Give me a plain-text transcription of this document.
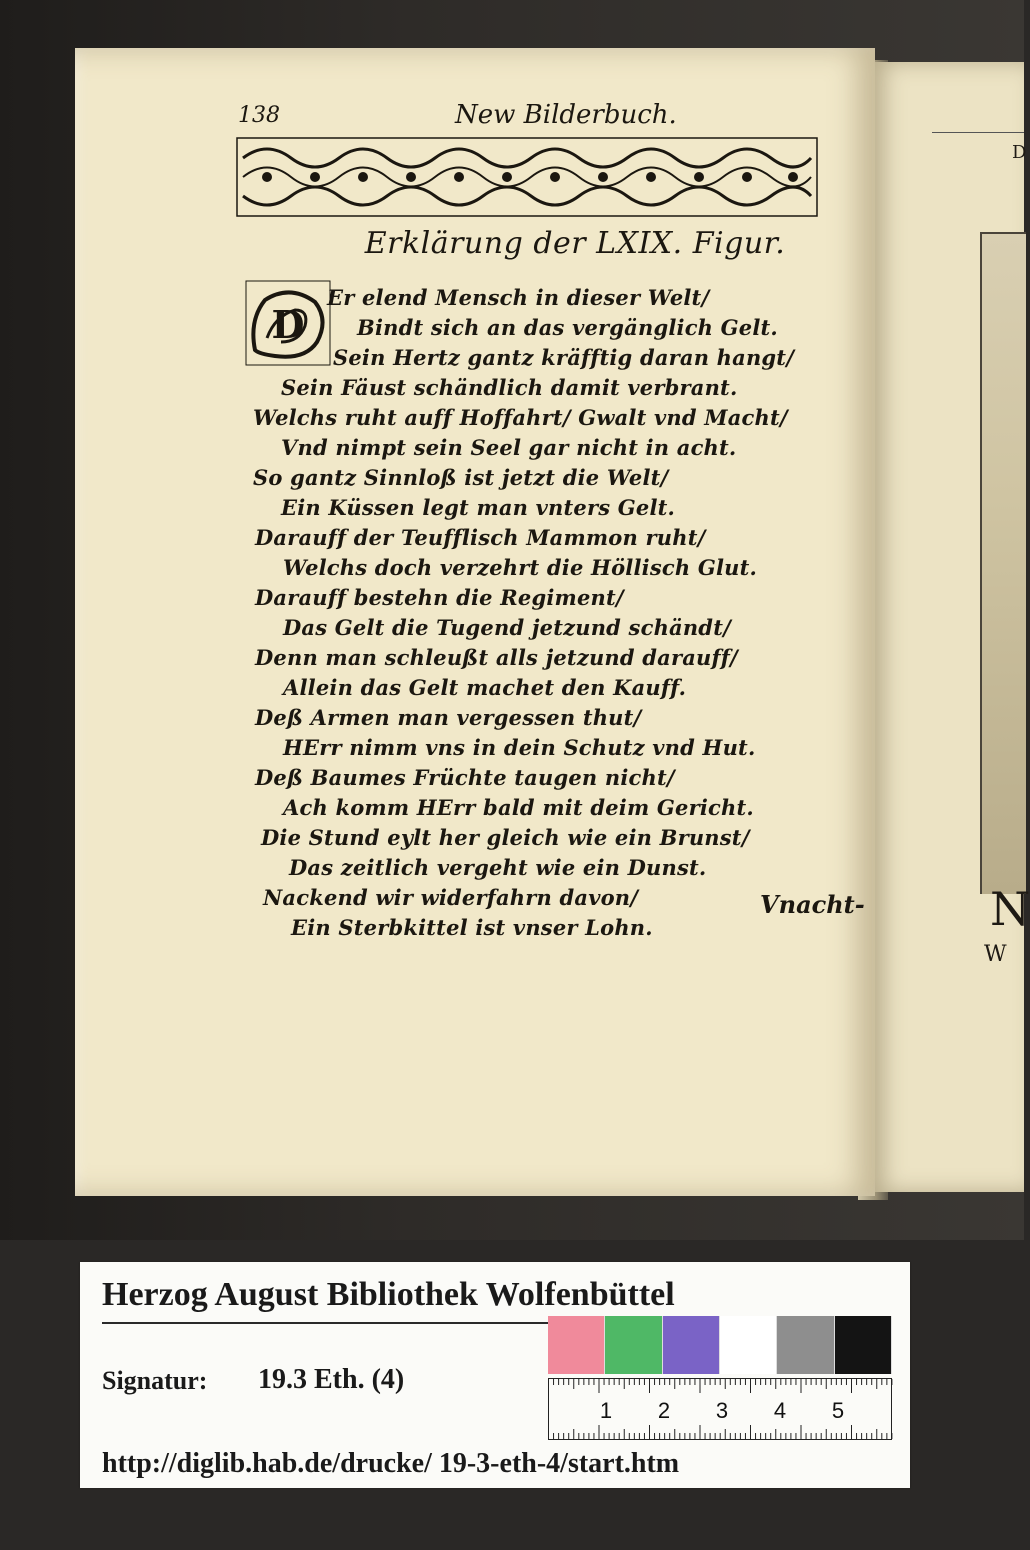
D
N
W
138	New Bilderbuch.
Erklärung der LXIX. Figur.
D
Er elend Mensch in dieser Welt/
Bindt sich an das vergänglich Gelt.
Sein Hertz gantz kräfftig daran hangt/
Sein Fäust schändlich damit verbrant.
Welchs ruht auff Hoffahrt/ Gwalt vnd Macht/
Vnd nimpt sein Seel gar nicht in acht.
So gantz Sinnloß ist jetzt die Welt/
Ein Küssen legt man vnters Gelt.
Darauff der Teufflisch Mammon ruht/
Welchs doch verzehrt die Höllisch Glut.
Darauff bestehn die Regiment/
Das Gelt die Tugend jetzund schändt/
Denn man schleußt alls jetzund darauff/
Allein das Gelt machet den Kauff.
Deß Armen man vergessen thut/
HErr nimm vns in dein Schutz vnd Hut.
Deß Baumes Früchte taugen nicht/
Ach komm HErr bald mit deim Gericht.
Die Stund eylt her gleich wie ein Brunst/
Das zeitlich vergeht wie ein Dunst.
Nackend wir widerfahrn davon/
Ein Sterbkittel ist vnser Lohn.
Vnacht-
Herzog August Bibliothek Wolfenbüttel
1 2 3 4 5
Signatur: 19.3 Eth. (4)
http://diglib.hab.de/drucke/ 19-3-eth-4/start.htm
